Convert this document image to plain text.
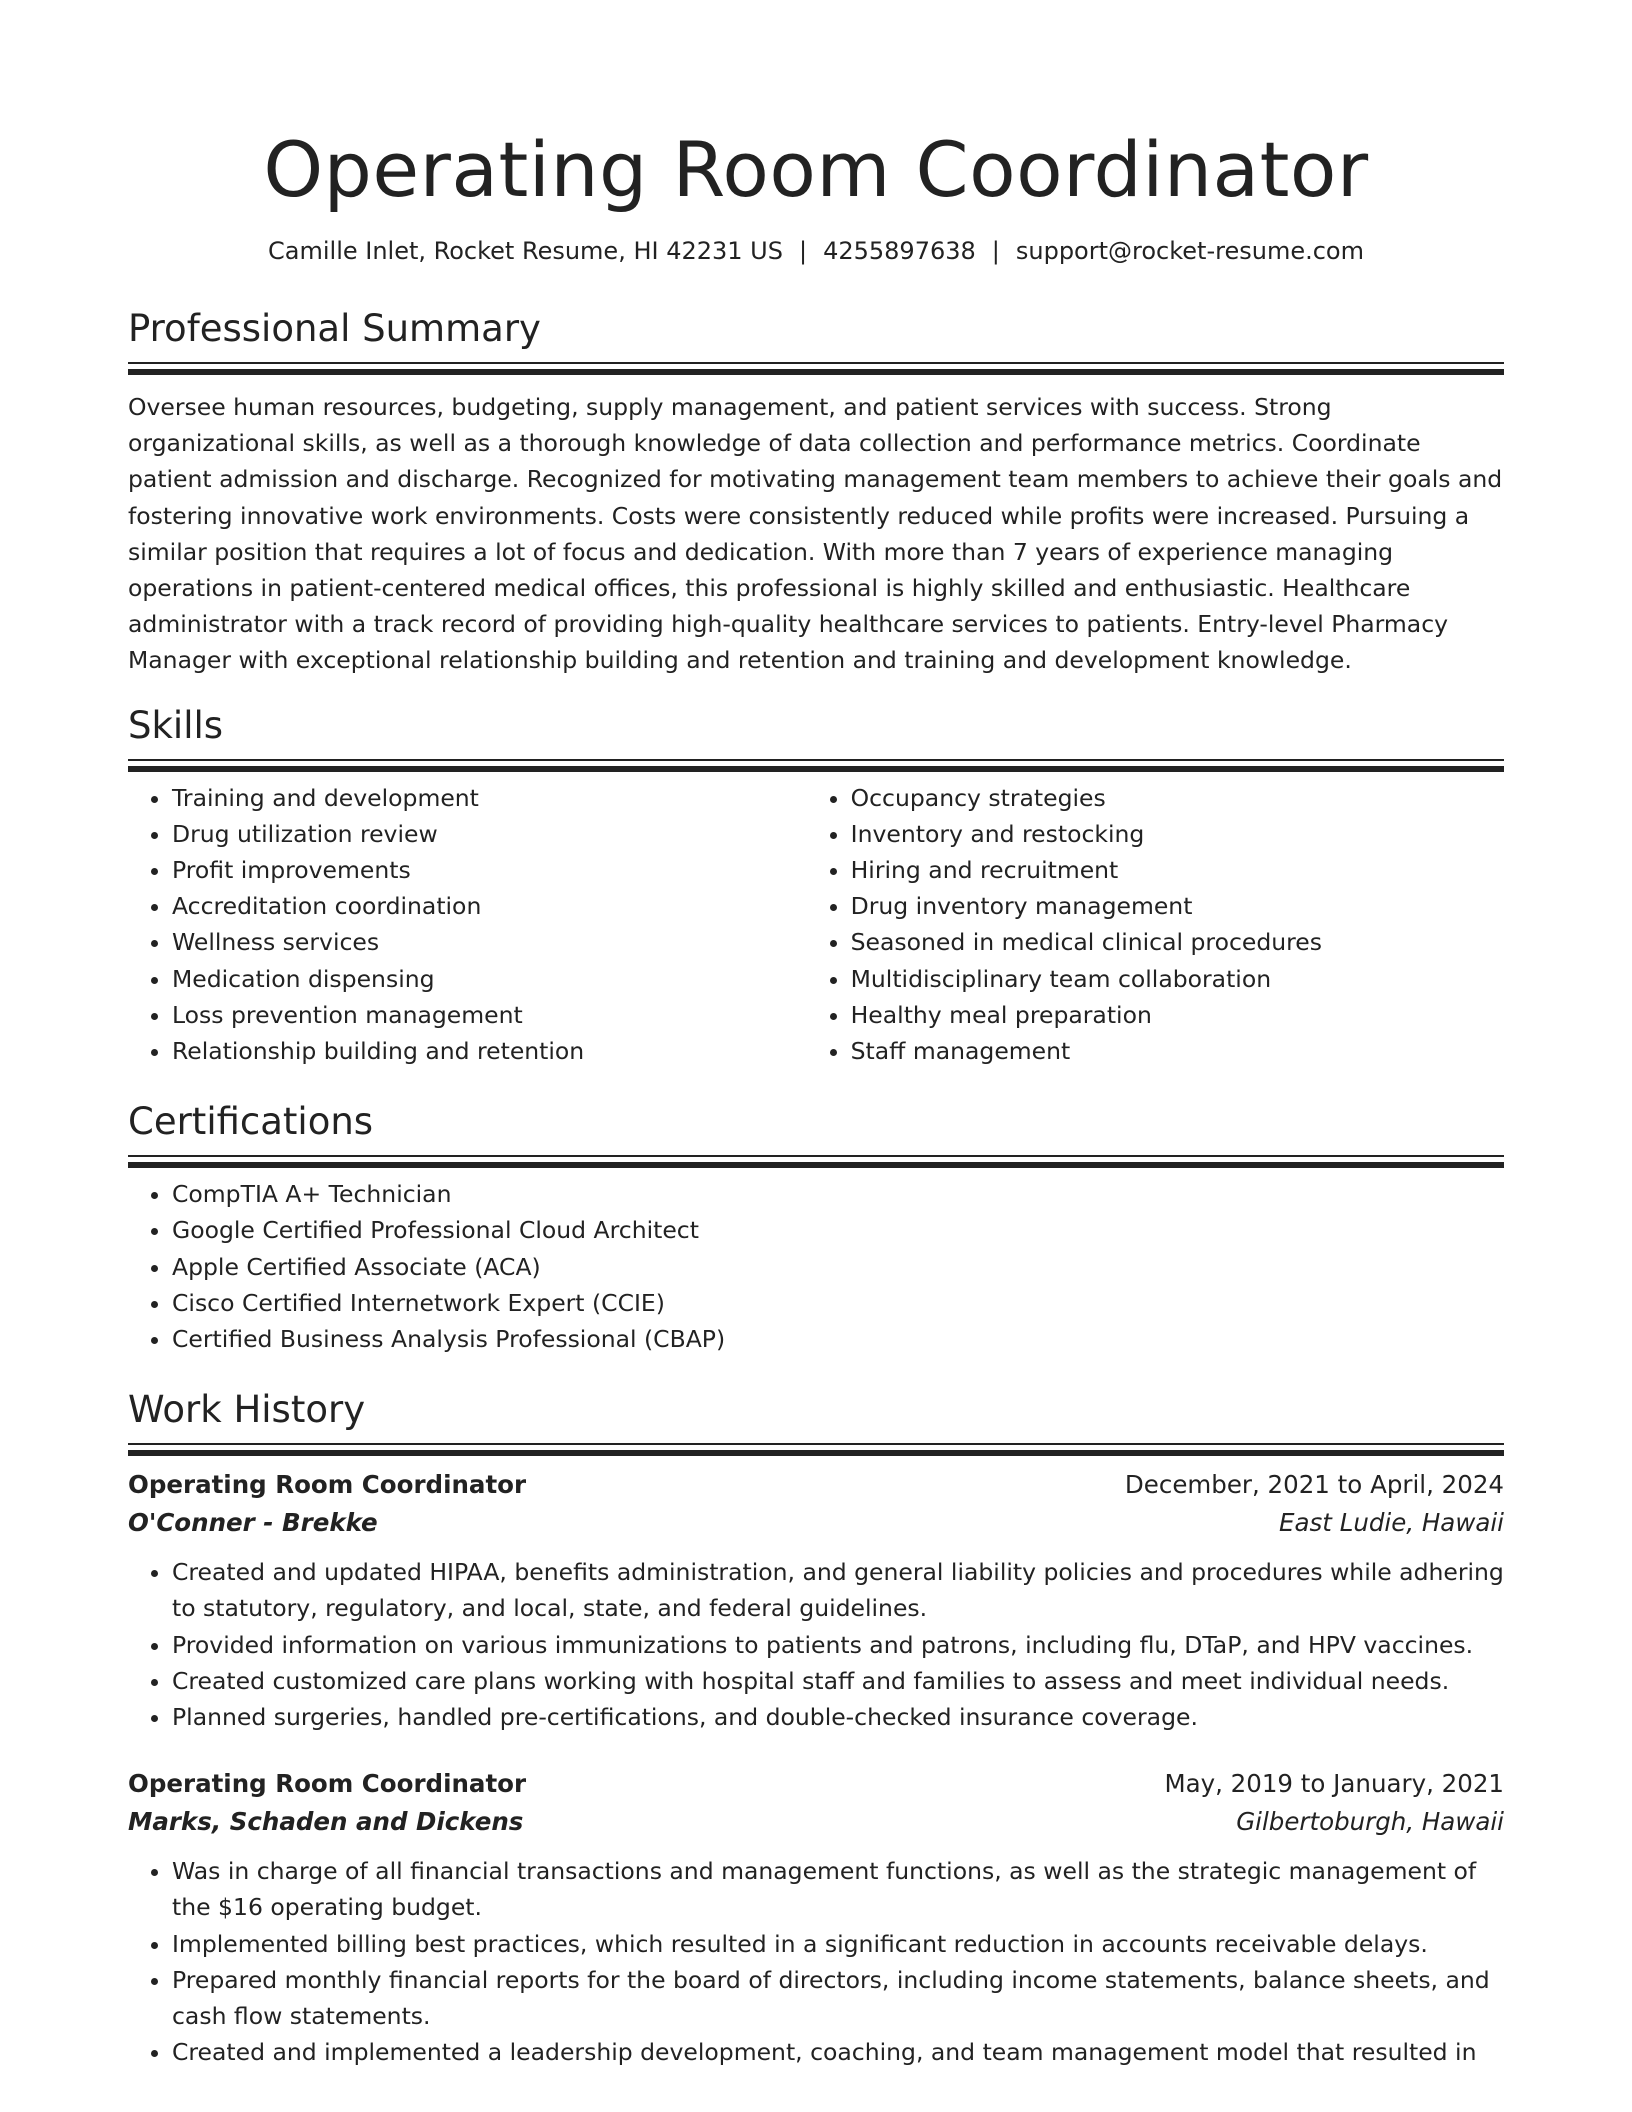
Operating Room Coordinator
Camille Inlet, Rocket Resume, HI 42231 US | 4255897638 | support@rocket-resume.com
Professional Summary
Oversee human resources, budgeting, supply management, and patient services with success. Strong organizational skills, as well as a thorough knowledge of data collection and performance metrics. Coordinate patient admission and discharge. Recognized for motivating management team members to achieve their goals and fostering innovative work environments. Costs were consistently reduced while profits were increased. Pursuing a similar position that requires a lot of focus and dedication. With more than 7 years of experience managing operations in patient-centered medical offices, this professional is highly skilled and enthusiastic. Healthcare administrator with a track record of providing high-quality healthcare services to patients. Entry-level Pharmacy Manager with exceptional relationship building and retention and training and development knowledge.
Skills
• Training and development
• Drug utilization review
• Profit improvements
• Accreditation coordination
• Wellness services
• Medication dispensing
• Loss prevention management
• Relationship building and retention
• Occupancy strategies
• Inventory and restocking
• Hiring and recruitment
• Drug inventory management
• Seasoned in medical clinical procedures
• Multidisciplinary team collaboration
• Healthy meal preparation
• Staff management
Certifications
• CompTIA A+ Technician
• Google Certified Professional Cloud Architect
• Apple Certified Associate (ACA)
• Cisco Certified Internetwork Expert (CCIE)
• Certified Business Analysis Professional (CBAP)
Work History
Operating Room Coordinator	December, 2021 to April, 2024
O'Conner - Brekke	East Ludie, Hawaii
• Created and updated HIPAA, benefits administration, and general liability policies and procedures while adhering to statutory, regulatory, and local, state, and federal guidelines.
• Provided information on various immunizations to patients and patrons, including flu, DTaP, and HPV vaccines.
• Created customized care plans working with hospital staff and families to assess and meet individual needs.
• Planned surgeries, handled pre-certifications, and double-checked insurance coverage.
Operating Room Coordinator	May, 2019 to January, 2021
Marks, Schaden and Dickens	Gilbertoburgh, Hawaii
• Was in charge of all financial transactions and management functions, as well as the strategic management of the $16 operating budget.
• Implemented billing best practices, which resulted in a significant reduction in accounts receivable delays.
• Prepared monthly financial reports for the board of directors, including income statements, balance sheets, and cash flow statements.
• Created and implemented a leadership development, coaching, and team management model that resulted in
